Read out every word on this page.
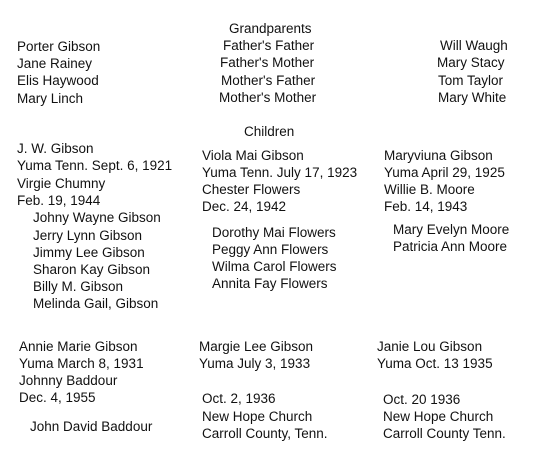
Grandparents
Porter Gibson
Jane Rainey
Elis Haywood
Mary Linch
Father's Father
Father's Mother
Mother's Father
Mother's Mother
Will Waugh
Mary Stacy
Tom Taylor
Mary White
Children
J. W. Gibson
Yuma Tenn. Sept. 6, 1921
Virgie Chumny
Feb. 19, 1944
Johny Wayne Gibson
Jerry Lynn Gibson
Jimmy Lee Gibson
Sharon Kay Gibson
Billy M. Gibson
Melinda Gail, Gibson
Viola Mai Gibson
Yuma Tenn. July 17, 1923
Chester Flowers
Dec. 24, 1942
Dorothy Mai Flowers
Peggy Ann Flowers
Wilma Carol Flowers
Annita Fay Flowers
Maryviuna Gibson
Yuma April 29, 1925
Willie B. Moore
Feb. 14, 1943
Mary Evelyn Moore
Patricia Ann Moore
Annie Marie Gibson
Yuma March 8, 1931
Johnny Baddour
Dec. 4, 1955
John David Baddour
Margie Lee Gibson
Yuma July 3, 1933
Oct. 2, 1936
New Hope Church
Carroll County, Tenn.
Janie Lou Gibson
Yuma Oct. 13 1935
Oct. 20 1936
New Hope Church
Carroll County Tenn.
